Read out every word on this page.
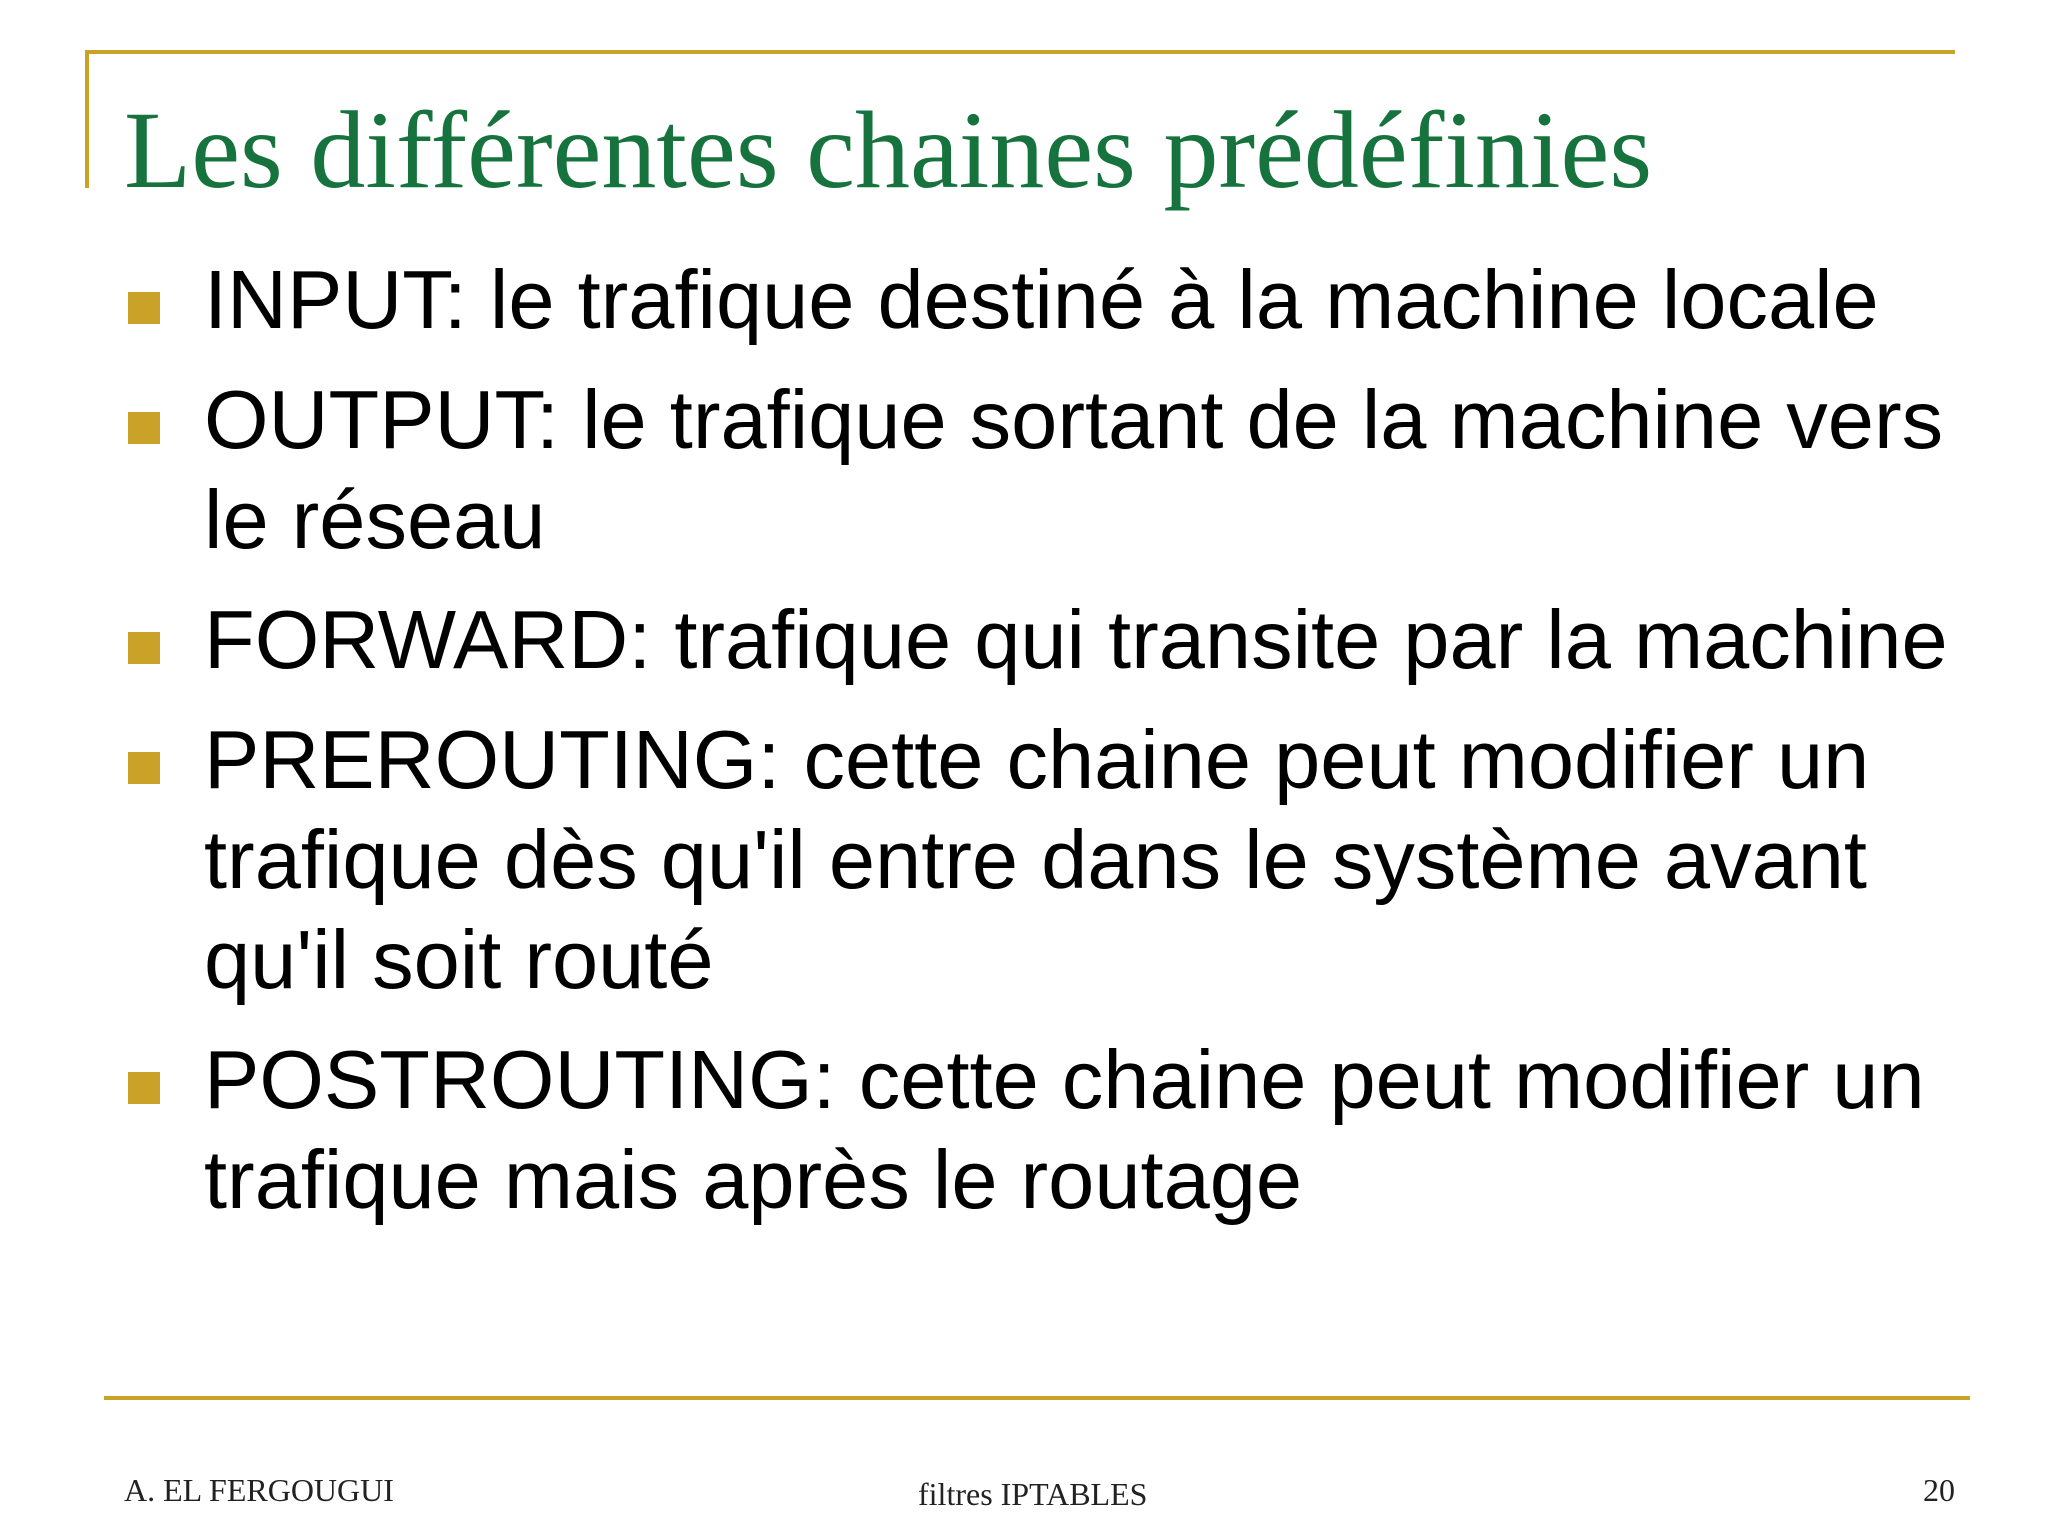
Les différentes chaines prédéfinies
INPUT: le trafique destiné à la machine locale
OUTPUT: le trafique sortant de la machine vers le réseau
FORWARD: trafique qui transite par la machine
PREROUTING: cette chaine peut modifier un trafique dès qu'il entre dans le système avant qu'il soit routé
POSTROUTING: cette chaine peut modifier un trafique mais après le routage
A. EL FERGOUGUI	filtres IPTABLES	20
